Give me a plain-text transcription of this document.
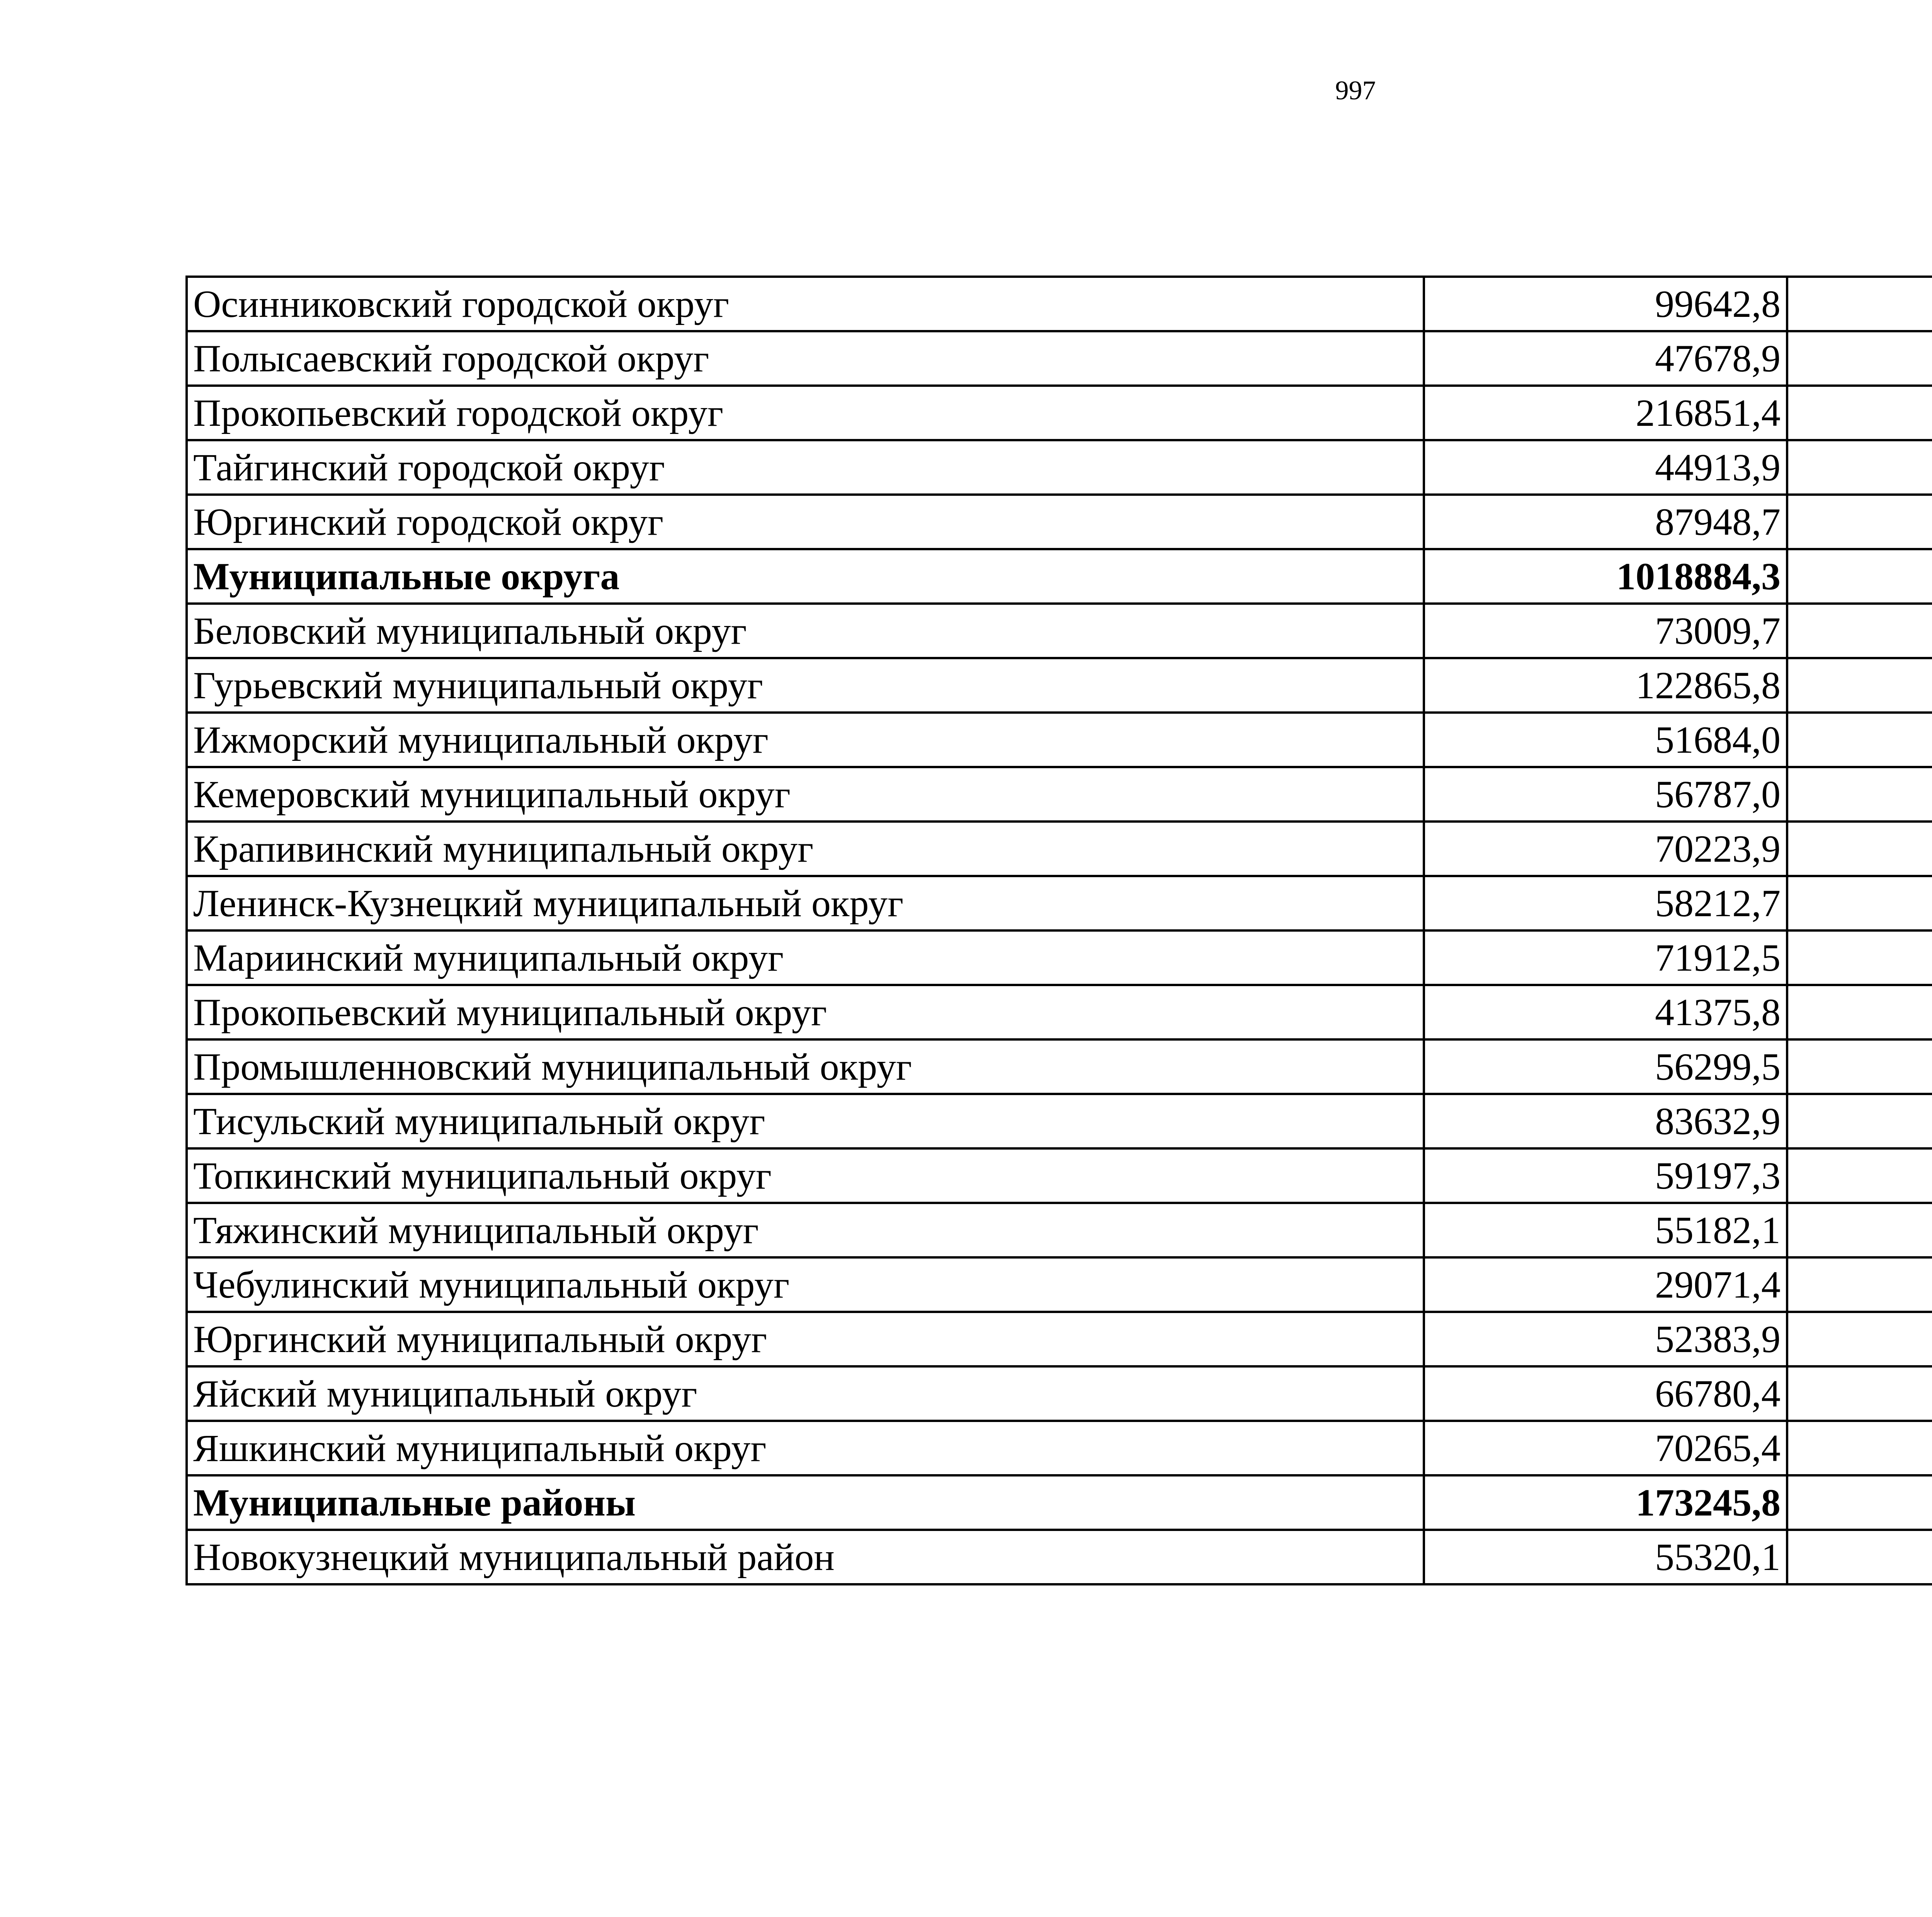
997
Осинниковский городской округ	99642,8		
Полысаевский городской округ	47678,9		
Прокопьевский городской округ	216851,4		
Тайгинский городской округ	44913,9		
Юргинский городской округ	87948,7		
Муниципальные округа	1018884,3		
Беловский муниципальный округ	73009,7		
Гурьевский муниципальный округ	122865,8		
Ижморский муниципальный округ	51684,0		
Кемеровский муниципальный округ	56787,0		
Крапивинский муниципальный округ	70223,9		
Ленинск-Кузнецкий муниципальный округ	58212,7		
Мариинский муниципальный округ	71912,5		
Прокопьевский муниципальный округ	41375,8		
Промышленновский муниципальный округ	56299,5		
Тисульский муниципальный округ	83632,9		
Топкинский муниципальный округ	59197,3		
Тяжинский муниципальный округ	55182,1		
Чебулинский муниципальный округ	29071,4		
Юргинский муниципальный округ	52383,9		
Яйский муниципальный округ	66780,4		
Яшкинский муниципальный округ	70265,4		
Муниципальные районы	173245,8		
Новокузнецкий муниципальный район	55320,1		
